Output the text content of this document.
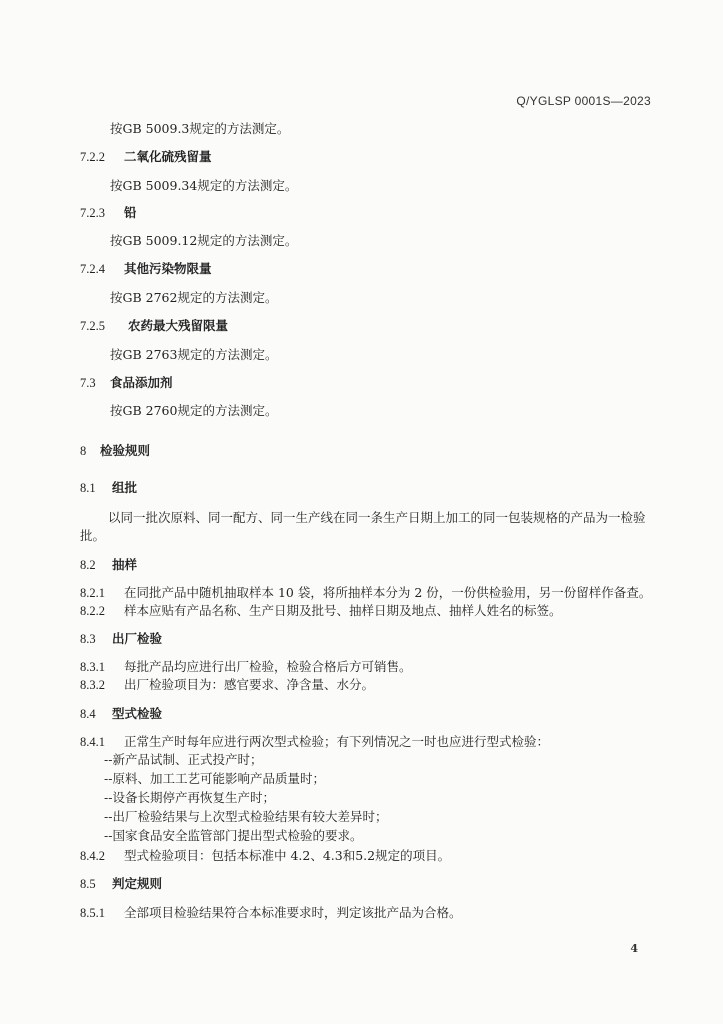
Q/YGLSP 0001S—2023
按GB 5009.3规定的方法测定。
7.2.2 二氧化硫残留量
按GB 5009.34规定的方法测定。
7.2.3 铅
按GB 5009.12规定的方法测定。
7.2.4 其他污染物限量
按GB 2762规定的方法测定。
7.2.5 农药最大残留限量
按GB 2763规定的方法测定。
7.3 食品添加剂
按GB 2760规定的方法测定。
8 检验规则
8.1 组批
以同一批次原料、同一配方、同一生产线在同一条生产日期上加工的同一包装规格的产品为一检验
批。
8.2 抽样
8.2.1 在同批产品中随机抽取样本 10 袋，将所抽样本分为 2 份，一份供检验用，另一份留样作备查。
8.2.2 样本应贴有产品名称、生产日期及批号、抽样日期及地点、抽样人姓名的标签。
8.3 出厂检验
8.3.1 每批产品均应进行出厂检验，检验合格后方可销售。
8.3.2 出厂检验项目为：感官要求、净含量、水分。
8.4 型式检验
8.4.1 正常生产时每年应进行两次型式检验；有下列情况之一时也应进行型式检验：
--新产品试制、正式投产时；
--原料、加工工艺可能影响产品质量时；
--设备长期停产再恢复生产时；
--出厂检验结果与上次型式检验结果有较大差异时；
--国家食品安全监管部门提出型式检验的要求。
8.4.2 型式检验项目：包括本标准中 4.2、4.3和5.2规定的项目。
8.5 判定规则
8.5.1 全部项目检验结果符合本标准要求时，判定该批产品为合格。
4
